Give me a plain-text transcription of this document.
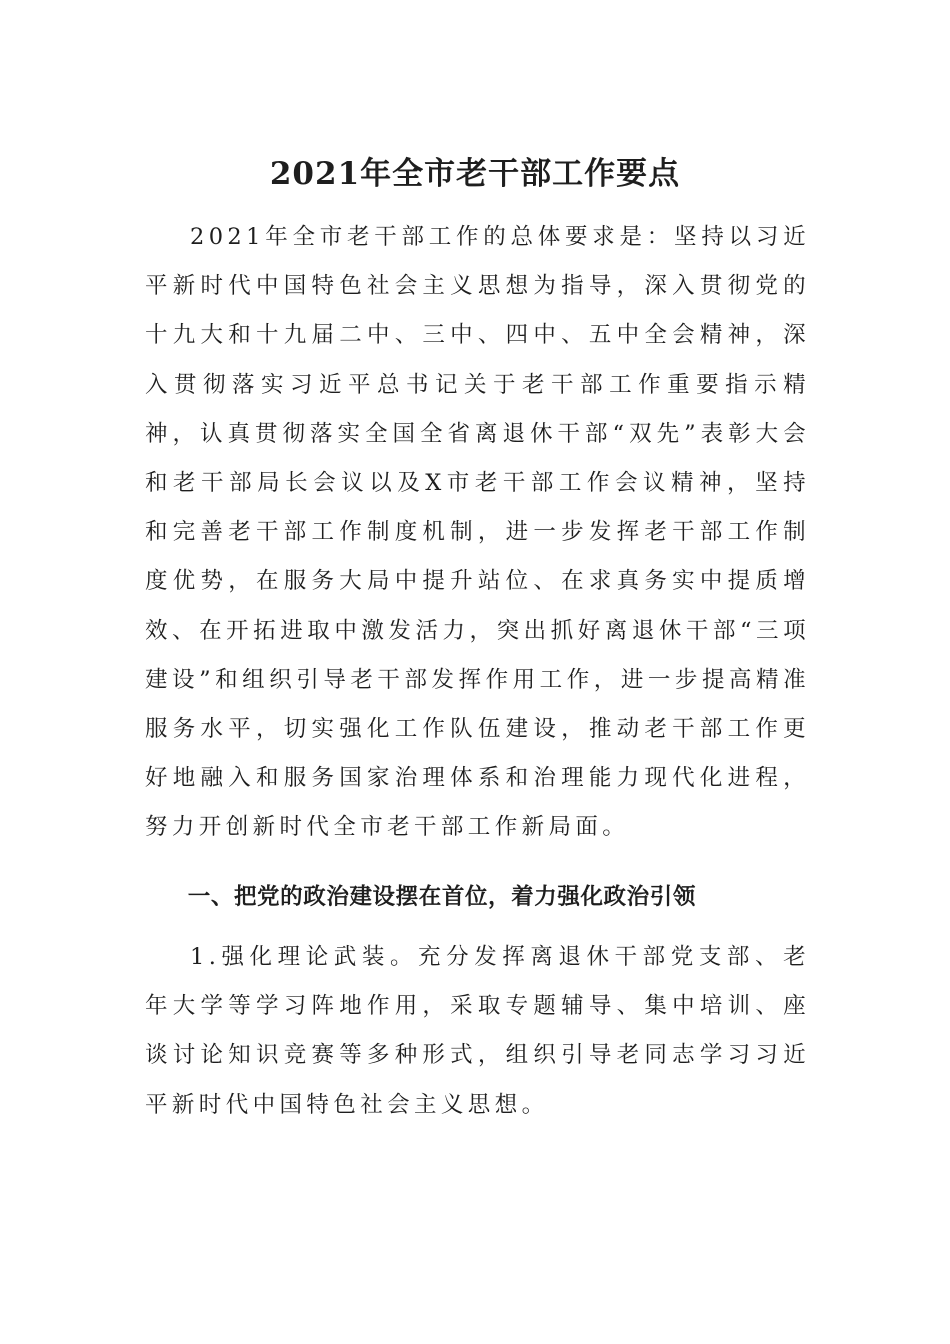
2021年全市老干部工作要点

2021年全市老干部工作的总体要求是：坚持以习近平新时代中国特色社会主义思想为指导，深入贯彻党的十九大和十九届二中、三中、四中、五中全会精神，深入贯彻落实习近平总书记关于老干部工作重要指示精神，认真贯彻落实全国全省离退休干部“双先”表彰大会和老干部局长会议以及X市老干部工作会议精神，坚持和完善老干部工作制度机制，进一步发挥老干部工作制度优势，在服务大局中提升站位、在求真务实中提质增效、在开拓进取中激发活力，突出抓好离退休干部“三项建设”和组织引导老干部发挥作用工作，进一步提高精准服务水平，切实强化工作队伍建设，推动老干部工作更好地融入和服务国家治理体系和治理能力现代化进程，努力开创新时代全市老干部工作新局面。

一、把党的政治建设摆在首位，着力强化政治引领

1.强化理论武装。充分发挥离退休干部党支部、老年大学等学习阵地作用，采取专题辅导、集中培训、座谈讨论知识竞赛等多种形式，组织引导老同志学习习近平新时代中国特色社会主义思想。
